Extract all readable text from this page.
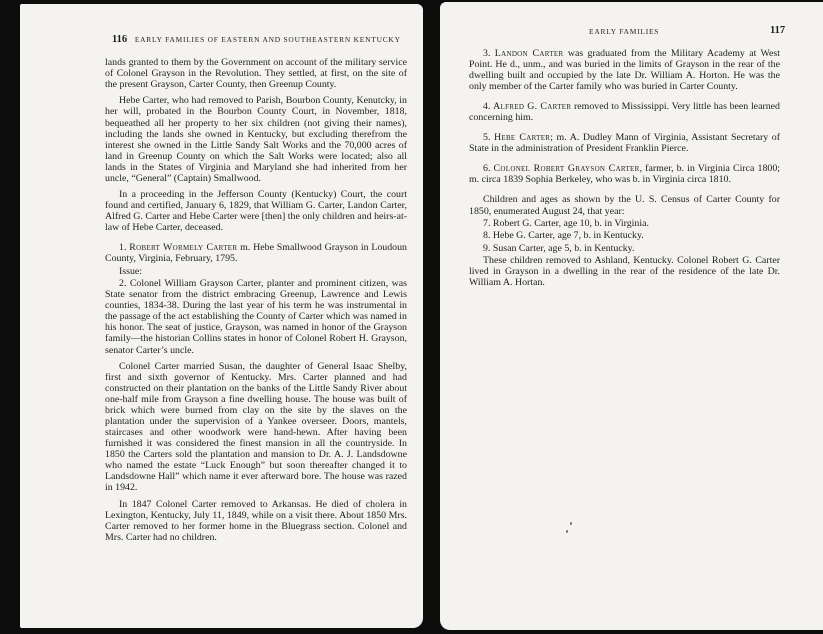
116 EARLY FAMILIES OF EASTERN AND SOUTHEASTERN KENTUCKY

lands granted to them by the Government on account of the military service of Colonel Grayson in the Revolution. They settled, at first, on the site of the present Grayson, Carter County, then Greenup County.

Hebe Carter, who had removed to Parish, Bourbon County, Kenutcky, in her will, probated in the Bourbon County Court, in November, 1818, bequeathed all her property to her six children (not giving their names), including the lands she owned in Kentucky, but excluding therefrom the interest she owned in the Little Sandy Salt Works and the 70,000 acres of land in Greenup County on which the Salt Works were located; also all lands in the States of Virginia and Maryland she had inherited from her uncle, “General” (Captain) Smallwood.

In a proceeding in the Jefferson County (Kentucky) Court, the court found and certified, January 6, 1829, that William G. Carter, Landon Carter, Alfred G. Carter and Hebe Carter were [then] the only children and heirs-at-law of Hebe Carter, deceased.

1. Robert Wormely Carter m. Hebe Smallwood Grayson in Loudoun County, Virginia, February, 1795.

Issue:

2. Colonel William Grayson Carter, planter and prominent citizen, was State senator from the district embracing Greenup, Lawrence and Lewis counties, 1834-38. During the last year of his term he was instrumental in the passage of the act establishing the County of Carter which was named in his honor. The seat of justice, Grayson, was named in honor of the Grayson family—the historian Collins states in honor of Colonel Robert H. Grayson, senator Carter’s uncle.

Colonel Carter married Susan, the daughter of General Isaac Shelby, first and sixth governor of Kentucky. Mrs. Carter planned and had constructed on their plantation on the banks of the Little Sandy River about one-half mile from Grayson a fine dwelling house. The house was built of brick which were burned from clay on the site by the slaves on the plantation under the supervision of a Yankee overseer. Doors, mantels, staircases and other woodwork were hand-hewn. After having been furnished it was considered the finest mansion in all the countryside. In 1850 the Carters sold the plantation and mansion to Dr. A. J. Landsdowne who named the estate “Luck Enough” but soon thereafter changed it to Landsdowne Hall” which name it ever afterward bore. The house was razed in 1942.

In 1847 Colonel Carter removed to Arkansas. He died of cholera in Lexington, Kentucky, July 11, 1849, while on a visit there. About 1850 Mrs. Carter removed to her former home in the Bluegrass section. Colonel and Mrs. Carter had no children.

EARLY FAMILIES	117

3. Landon Carter was graduated from the Military Academy at West Point. He d., unm., and was buried in the limits of Grayson in the rear of the dwelling built and occupied by the late Dr. William A. Horton. He was the only member of the Carter family who was buried in Carter County.

4. Alfred G. Carter removed to Mississippi. Very little has been learned concerning him.

5. Hebe Carter; m. A. Dudley Mann of Virginia, Assistant Secretary of State in the administration of President Franklin Pierce.

6. Colonel Robert Grayson Carter, farmer, b. in Virginia Circa 1800; m. circa 1839 Sophia Berkeley, who was b. in Virginia circa 1810.

Children and ages as shown by the U. S. Census of Carter County for 1850, enumerated August 24, that year:

7. Robert G. Carter, age 10, b. in Virginia.

8. Hebe G. Carter, age 7, b. in Kentucky.

9. Susan Carter, age 5, b. in Kentucky.

These children removed to Ashland, Kentucky. Colonel Robert G. Carter lived in Grayson in a dwelling in the rear of the residence of the late Dr. William A. Hortan.
